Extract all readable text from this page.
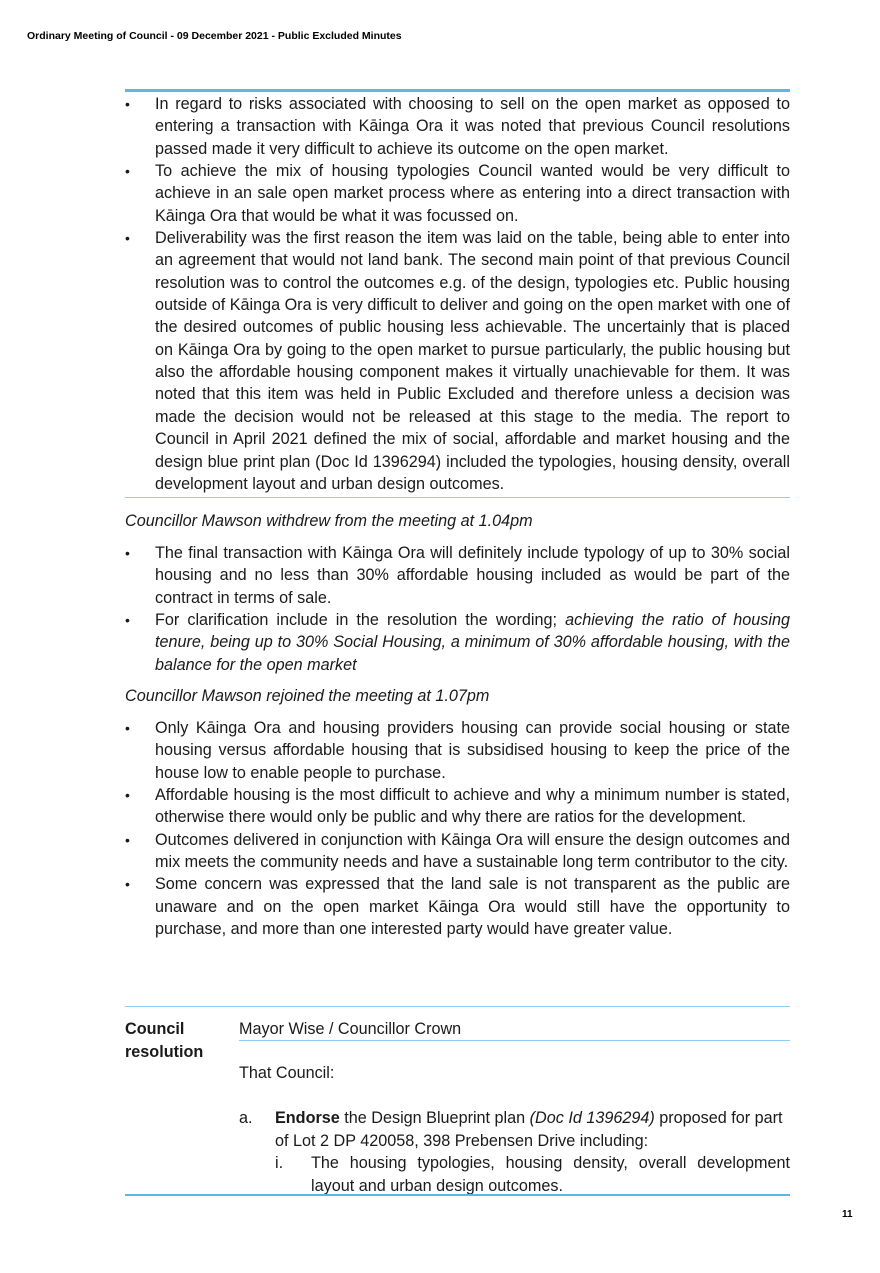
Ordinary Meeting of Council - 09 December 2021 - Public Excluded Minutes
•	In regard to risks associated with choosing to sell on the open market as opposed to entering a transaction with Kāinga Ora it was noted that previous Council resolutions passed made it very difficult to achieve its outcome on the open market.
•	To achieve the mix of housing typologies Council wanted would be very difficult to achieve in an sale open market process where as entering into a direct transaction with Kāinga Ora that would be what it was focussed on.
•	Deliverability was the first reason the item was laid on the table, being able to enter into an agreement that would not land bank. The second main point of that previous Council resolution was to control the outcomes e.g. of the design, typologies etc. Public housing outside of Kāinga Ora is very difficult to deliver and going on the open market with one of the desired outcomes of public housing less achievable. The uncertainly that is placed on Kāinga Ora by going to the open market to pursue particularly, the public housing but also the affordable housing component makes it virtually unachievable for them. It was noted that this item was held in Public Excluded and therefore unless a decision was made the decision would not be released at this stage to the media. The report to Council in April 2021 defined the mix of social, affordable and market housing and the design blue print plan (Doc Id 1396294) included the typologies, housing density, overall development layout and urban design outcomes.
Councillor Mawson withdrew from the meeting at 1.04pm
•	The final transaction with Kāinga Ora will definitely include typology of up to 30% social housing and no less than 30% affordable housing included as would be part of the contract in terms of sale.
•	For clarification include in the resolution the wording; achieving the ratio of housing tenure, being up to 30% Social Housing, a minimum of 30% affordable housing, with the balance for the open market
Councillor Mawson rejoined the meeting at 1.07pm
•	Only Kāinga Ora and housing providers housing can provide social housing or state housing versus affordable housing that is subsidised housing to keep the price of the house low to enable people to purchase.
•	Affordable housing is the most difficult to achieve and why a minimum number is stated, otherwise there would only be public and why there are ratios for the development.
•	Outcomes delivered in conjunction with Kāinga Ora will ensure the design outcomes and mix meets the community needs and have a sustainable long term contributor to the city.
•	Some concern was expressed that the land sale is not transparent as the public are unaware and on the open market Kāinga Ora would still have the opportunity to purchase, and more than one interested party would have greater value.
Council
resolution
Mayor Wise / Councillor Crown
That Council:
a. Endorse the Design Blueprint plan (Doc Id 1396294) proposed for part of Lot 2 DP 420058, 398 Prebensen Drive including:
i. The housing typologies, housing density, overall development layout and urban design outcomes.
11
